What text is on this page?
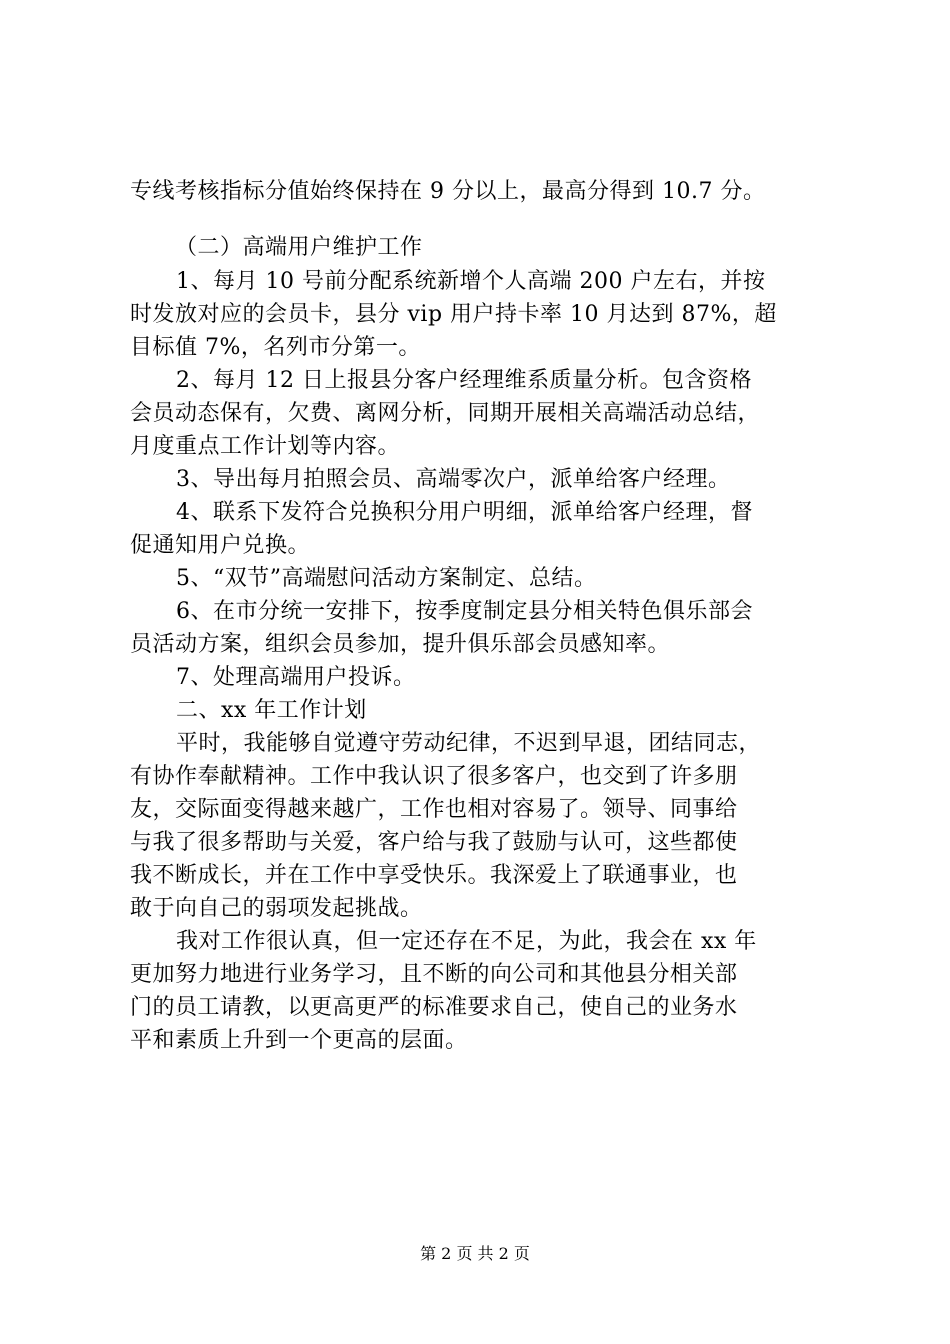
专线考核指标分值始终保持在 9 分以上，最高分得到 10.7 分。
（二）高端用户维护工作
1、每月 10 号前分配系统新增个人高端 200 户左右，并按
时发放对应的会员卡，县分 vip 用户持卡率 10 月达到 87%，超
目标值 7%，名列市分第一。
2、每月 12 日上报县分客户经理维系质量分析。包含资格
会员动态保有，欠费、离网分析，同期开展相关高端活动总结，
月度重点工作计划等内容。
3、导出每月拍照会员、高端零次户，派单给客户经理。
4、联系下发符合兑换积分用户明细，派单给客户经理，督
促通知用户兑换。
5、“双节”高端慰问活动方案制定、总结。
6、在市分统一安排下，按季度制定县分相关特色俱乐部会
员活动方案，组织会员参加，提升俱乐部会员感知率。
7、处理高端用户投诉。
二、xx 年工作计划
平时，我能够自觉遵守劳动纪律，不迟到早退，团结同志，
有协作奉献精神。工作中我认识了很多客户，也交到了许多朋
友，交际面变得越来越广，工作也相对容易了。领导、同事给
与我了很多帮助与关爱，客户给与我了鼓励与认可，这些都使
我不断成长，并在工作中享受快乐。我深爱上了联通事业，也
敢于向自己的弱项发起挑战。
我对工作很认真，但一定还存在不足，为此，我会在 xx 年
更加努力地进行业务学习，且不断的向公司和其他县分相关部
门的员工请教，以更高更严的标准要求自己，使自己的业务水
平和素质上升到一个更高的层面。
第 2 页 共 2 页
